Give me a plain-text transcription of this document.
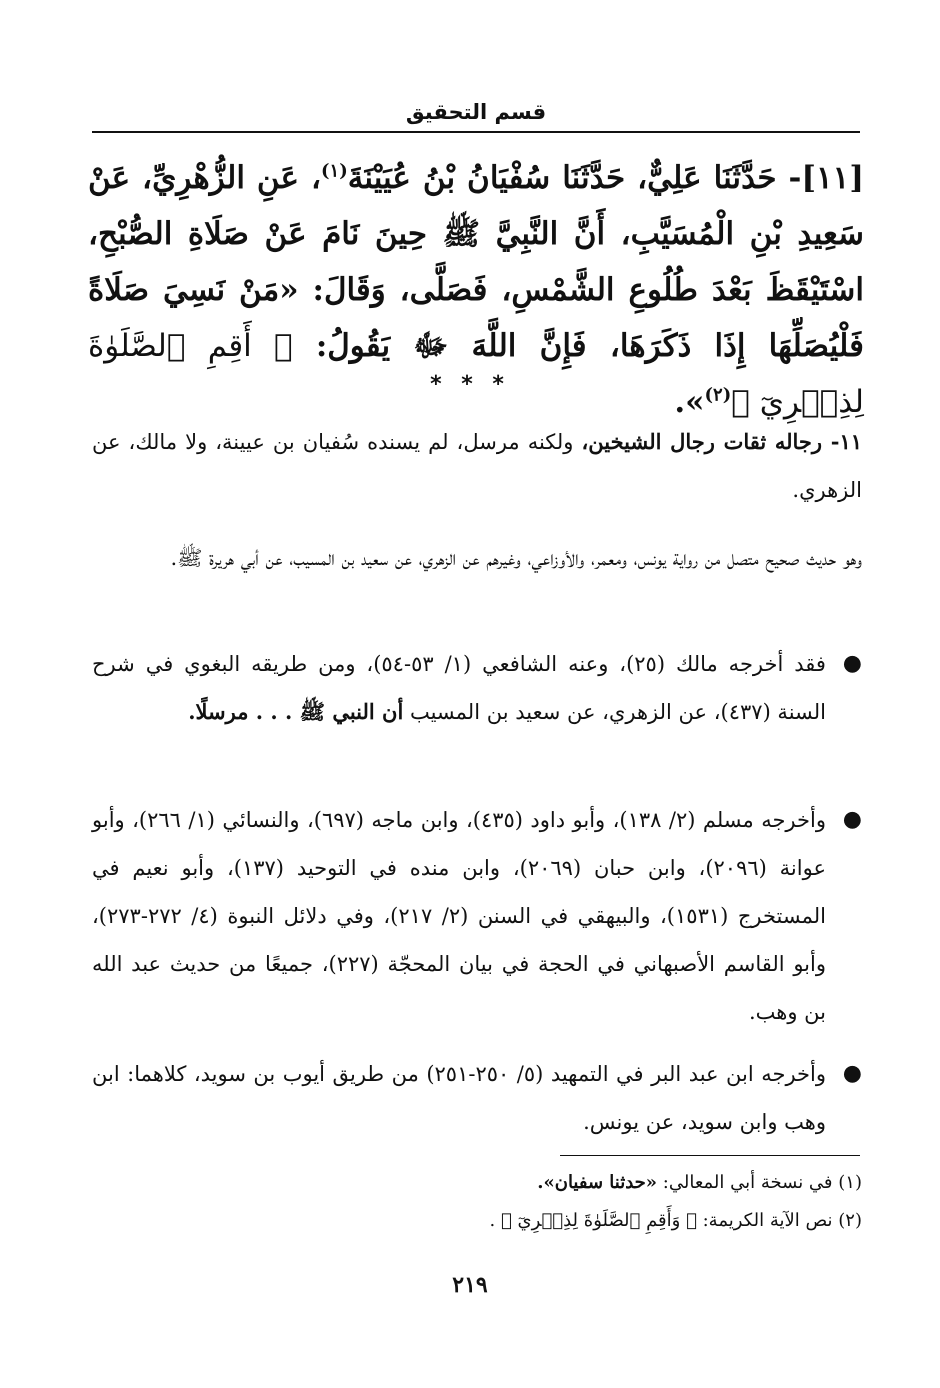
قسم التحقيق
[١١]- حَدَّثَنَا عَلِيٌّ، حَدَّثَنَا سُفْيَانُ بْنُ عُيَيْنَةَ$^{(١)}$، عَنِ الزُّهْرِيِّ، عَنْ سَعِيدِ بْنِ الْمُسَيَّبِ، أَنَّ النَّبِيَّ ﷺ حِينَ نَامَ عَنْ صَلَاةِ الصُّبْحِ، اسْتَيْقَظَ بَعْدَ طُلُوعِ الشَّمْسِ، فَصَلَّى، وَقَالَ: «مَنْ نَسِيَ صَلَاةً فَلْيُصَلِّهَا إِذَا ذَكَرَهَا، فَإِنَّ اللَّهَ ﷻ يَقُولُ: ﴿ أَقِمِ ٱلصَّلَوٰةَ لِذِكۡرِيٓ ﴾$^{(٢)}$».
* * *
١١- رجاله ثقات رجال الشيخين، ولكنه مرسل، لم يسنده سُفيان بن عيينة، ولا مالك، عن الزهري.
وهو حديث صحيح متصل من رواية يونس، ومعمر، والأوزاعي، وغيرهم عن الزهري، عن سعيد بن المسيب، عن أبي هريرة ﷺ.
●
فقد أخرجه مالك (٢٥)، وعنه الشافعي (١/ ٥٣-٥٤)، ومن طريقه البغوي في شرح السنة (٤٣٧)، عن الزهري، عن سعيد بن المسيب أن النبي ﷺ . . . مرسلًا.
●
وأخرجه مسلم (٢/ ١٣٨)، وأبو داود (٤٣٥)، وابن ماجه (٦٩٧)، والنسائي (١/ ٢٦٦)، وأبو عوانة (٢٠٩٦)، وابن حبان (٢٠٦٩)، وابن منده في التوحيد (١٣٧)، وأبو نعيم في المستخرج (١٥٣١)، والبيهقي في السنن (٢/ ٢١٧)، وفي دلائل النبوة (٤/ ٢٧٢-٢٧٣)، وأبو القاسم الأصبهاني في الحجة في بيان المحجّة (٢٢٧)، جميعًا من حديث عبد الله بن وهب.
●
وأخرجه ابن عبد البر في التمهيد (٥/ ٢٥٠-٢٥١) من طريق أيوب بن سويد، كلاهما: ابن وهب وابن سويد، عن يونس.
(١) في نسخة أبي المعالي: «حدثنا سفيان».
(٢) نص الآية الكريمة: ﴿ وَأَقِمِ ٱلصَّلَوٰةَ لِذِكۡرِيٓ ﴾ .
٢١٩
